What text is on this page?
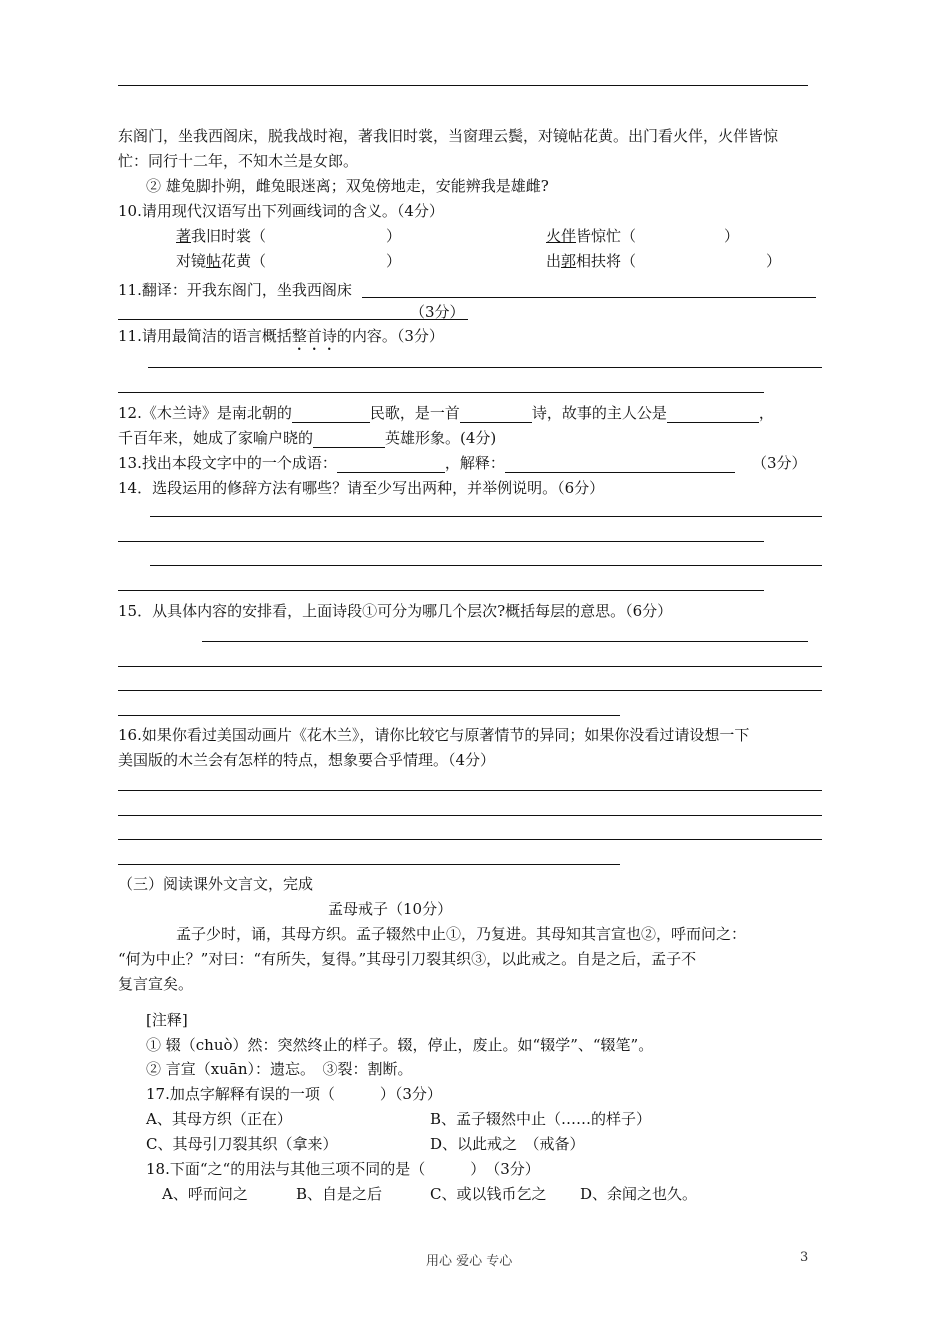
东阁门，坐我西阁床，脱我战时袍，著我旧时裳，当窗理云鬓，对镜帖花黄。出门看火伴，火伴皆惊
忙：同行十二年，不知木兰是女郎。
② 雄兔脚扑朔，雌兔眼迷离；双兔傍地走，安能辨我是雄雌?
10.请用现代汉语写出下列画线词的含义。（4分）
著我旧时裳（	）	火伴皆惊忙（	）
对镜帖花黄（	）	出郭相扶将（	）
11.翻译：开我东阁门，坐我西阁床
（3分）
11.请用最简洁的语言概括整首诗的内容。（3分）
12.《木兰诗》是南北朝的	民歌，是一首	诗，故事的主人公是	，
千百年来，她成了家喻户晓的	英雄形象。(4分)
13.找出本段文字中的一个成语：	，解释：	（3分）
14．选段运用的修辞方法有哪些？请至少写出两种，并举例说明。（6分）
15．从具体内容的安排看，上面诗段①可分为哪几个层次?概括每层的意思。（6分）
16.如果你看过美国动画片《花木兰》，请你比较它与原著情节的异同；如果你没看过请设想一下
美国版的木兰会有怎样的特点，想象要合乎情理。（4分）
（三）阅读课外文言文，完成
孟母戒子（10分）
孟子少时，诵，其母方织。孟子辍然中止①，乃复进。其母知其言宣也②，呼而问之：
“何为中止？”对曰：“有所失，复得。”其母引刀裂其织③，以此戒之。自是之后，孟子不
复言宣矣。
[注释]
① 辍（chuò）然：突然终止的样子。辍，停止，废止。如“辍学”、“辍笔”。
② 言宣（xuān）：遗忘。　③裂：割断。
17.加点字解释有误的一项（　　　）（3分）
A、其母方织（正在）	B、孟子辍然中止（……的样子）
C、其母引刀裂其织（拿来）	D、以此戒之　（戒备）
18.下面“之“的用法与其他三项不同的是（　　　）　（3分）
A、呼而问之	B、自是之后	C、或以钱币乞之 D、余闻之也久。
用心 爱心 专心	3
